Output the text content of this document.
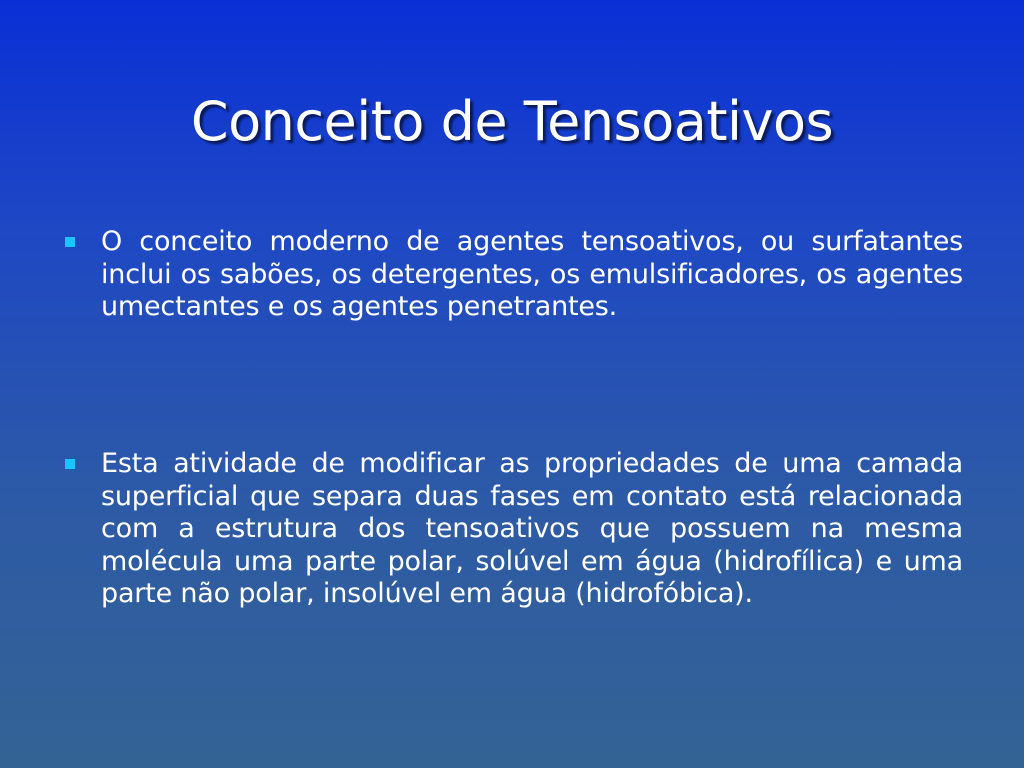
Conceito de Tensoativos
O conceito moderno de agentes tensoativos, ou surfatantes inclui os sabões, os detergentes, os emulsificadores, os agentes umectantes e os agentes penetrantes.
Esta atividade de modificar as propriedades de uma camada superficial que separa duas fases em contato está relacionada com a estrutura dos tensoativos que possuem na mesma molécula uma parte polar, solúvel em água (hidrofílica) e uma parte não polar, insolúvel em água (hidrofóbica).
